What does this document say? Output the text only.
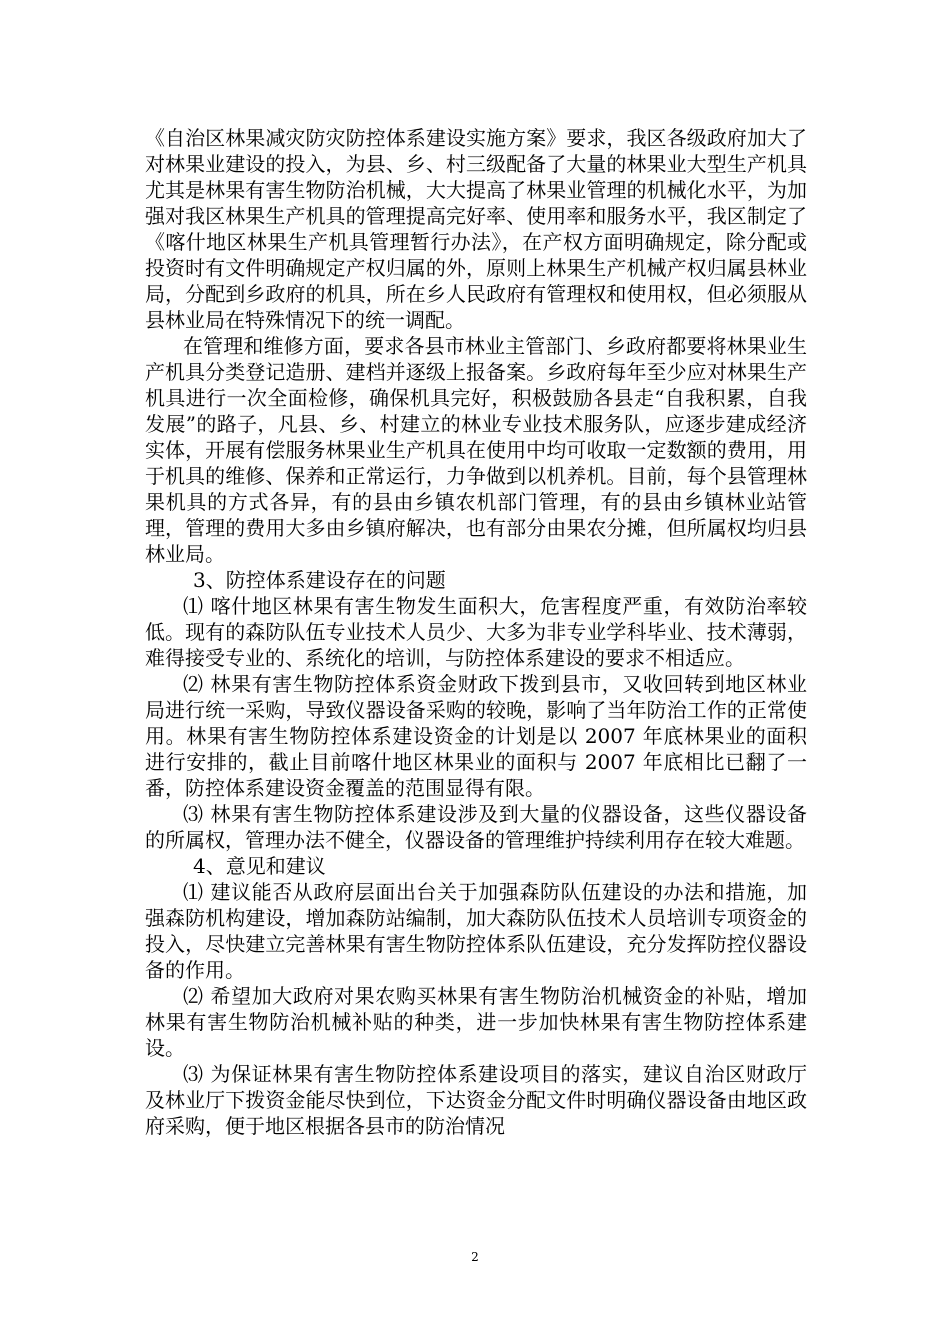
《自治区林果减灾防灾防控体系建设实施方案》要求，我区各级政府加大了对林果业建设的投入，为县、乡、村三级配备了大量的林果业大型生产机具尤其是林果有害生物防治机械，大大提高了林果业管理的机械化水平，为加强对我区林果生产机具的管理提高完好率、使用率和服务水平，我区制定了《喀什地区林果生产机具管理暂行办法》，在产权方面明确规定，除分配或投资时有文件明确规定产权归属的外，原则上林果生产机械产权归属县林业局，分配到乡政府的机具，所在乡人民政府有管理权和使用权，但必须服从县林业局在特殊情况下的统一调配。

在管理和维修方面，要求各县市林业主管部门、乡政府都要将林果业生产机具分类登记造册、建档并逐级上报备案。乡政府每年至少应对林果生产机具进行一次全面检修，确保机具完好，积极鼓励各县走“自我积累，自我发展”的路子，凡县、乡、村建立的林业专业技术服务队，应逐步建成经济实体，开展有偿服务林果业生产机具在使用中均可收取一定数额的费用，用于机具的维修、保养和正常运行，力争做到以机养机。目前，每个县管理林果机具的方式各异，有的县由乡镇农机部门管理，有的县由乡镇林业站管理，管理的费用大多由乡镇府解决，也有部分由果农分摊，但所属权均归县林业局。

3、防控体系建设存在的问题

⑴ 喀什地区林果有害生物发生面积大，危害程度严重，有效防治率较低。现有的森防队伍专业技术人员少、大多为非专业学科毕业、技术薄弱，难得接受专业的、系统化的培训，与防控体系建设的要求不相适应。

⑵ 林果有害生物防控体系资金财政下拨到县市，又收回转到地区林业局进行统一采购，导致仪器设备采购的较晚，影响了当年防治工作的正常使用。林果有害生物防控体系建设资金的计划是以 2007 年底林果业的面积进行安排的，截止目前喀什地区林果业的面积与 2007 年底相比已翻了一番，防控体系建设资金覆盖的范围显得有限。

⑶ 林果有害生物防控体系建设涉及到大量的仪器设备，这些仪器设备的所属权，管理办法不健全，仪器设备的管理维护持续利用存在较大难题。

4、意见和建议

⑴ 建议能否从政府层面出台关于加强森防队伍建设的办法和措施，加强森防机构建设，增加森防站编制，加大森防队伍技术人员培训专项资金的投入，尽快建立完善林果有害生物防控体系队伍建设，充分发挥防控仪器设备的作用。

⑵ 希望加大政府对果农购买林果有害生物防治机械资金的补贴，增加林果有害生物防治机械补贴的种类，进一步加快林果有害生物防控体系建设。

⑶ 为保证林果有害生物防控体系建设项目的落实，建议自治区财政厅及林业厅下拨资金能尽快到位，下达资金分配文件时明确仪器设备由地区政府采购，便于地区根据各县市的防治情况

2
